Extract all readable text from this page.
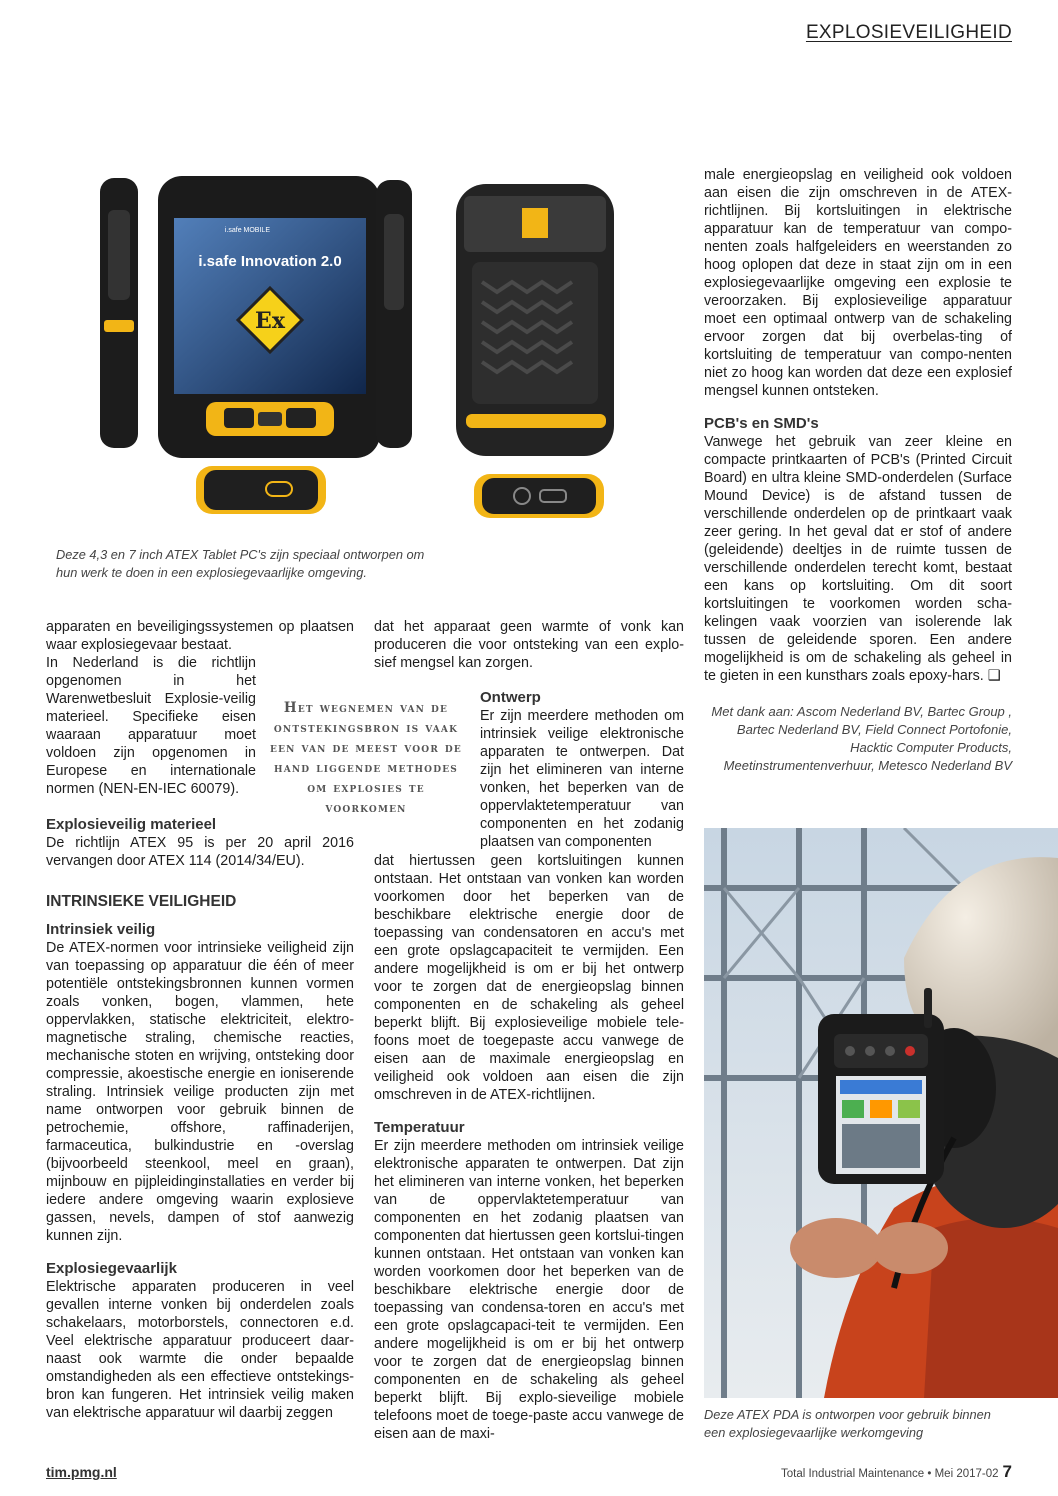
EXPLOSIEVEILIGHEID
i.safe MOBILE
i.safe Innovation 2.0
Ex
Deze 4,3 en 7 inch ATEX Tablet PC's zijn speciaal ontworpen om hun werk te doen in een explosiegevaarlijke omgeving.

apparaten en beveiligingssystemen op plaatsen waar explosiegevaar bestaat.

In Nederland is die richtlijn opgenomen in het Warenwetbesluit Explosie-veilig materieel. Specifieke eisen waaraan apparatuur moet voldoen zijn opgenomen in Europese en internationale normen (NEN-EN-IEC 60079).

Explosieveilig materieel

De richtlijn ATEX 95 is per 20 april 2016 vervangen door ATEX 114 (2014/34/EU).

INTRINSIEKE VEILIGHEID
Intrinsiek veilig

De ATEX-normen voor intrinsieke veiligheid zijn van toepassing op apparatuur die één of meer potentiële ontstekingsbronnen kunnen vormen zoals vonken, bogen, vlammen, hete oppervlakken, statische elektriciteit, elektro-magnetische straling, chemische reacties, mechanische stoten en wrijving, ontsteking door compressie, akoestische energie en ioniserende straling. Intrinsiek veilige producten zijn met name ontworpen voor gebruik binnen de petrochemie, offshore, raffinaderijen, farmaceutica, bulkindustrie en -overslag (bijvoorbeeld steenkool, meel en graan), mijnbouw en pijpleidinginstallaties en verder bij iedere andere omgeving waarin explosieve gassen, nevels, dampen of stof aanwezig kunnen zijn.

Explosiegevaarlijk

Elektrische apparaten produceren in veel gevallen interne vonken bij onderdelen zoals schakelaars, motorborstels, connectoren e.d. Veel elektrische apparatuur produceert daar-naast ook warmte die onder bepaalde omstandigheden als een effectieve ontstekings-bron kan fungeren. Het intrinsiek veilig maken van elektrische apparatuur wil daarbij zeggen

Het wegnemen van de ontstekingsbron is vaak een van de meest voor de hand liggende methodes om explosies te voorkomen

dat het apparaat geen warmte of vonk kan produceren die voor ontsteking van een explo-sief mengsel kan zorgen.

Ontwerp

Er zijn meerdere methoden om intrinsiek veilige elektronische apparaten te ontwerpen. Dat zijn het elimineren van interne vonken, het beperken van de oppervlaktetemperatuur van componenten en het zodanig plaatsen van componenten

dat hiertussen geen kortsluitingen kunnen ontstaan. Het ontstaan van vonken kan worden voorkomen door het beperken van de beschikbare elektrische energie door de toepassing van condensatoren en accu's met een grote opslagcapaciteit te vermijden. Een andere mogelijkheid is om er bij het ontwerp voor te zorgen dat de energieopslag binnen componenten en de schakeling als geheel beperkt blijft. Bij explosieveilige mobiele tele-foons moet de toegepaste accu vanwege de eisen aan de maximale energieopslag en veiligheid ook voldoen aan eisen die zijn omschreven in de ATEX-richtlijnen.

Temperatuur

Er zijn meerdere methoden om intrinsiek veilige elektronische apparaten te ontwerpen. Dat zijn het elimineren van interne vonken, het beperken van de oppervlaktetemperatuur van componenten en het zodanig plaatsen van componenten dat hiertussen geen kortslui-tingen kunnen ontstaan. Het ontstaan van vonken kan worden voorkomen door het beperken van de beschikbare elektrische energie door de toepassing van condensa-toren en accu's met een grote opslagcapaci-teit te vermijden. Een andere mogelijkheid is om er bij het ontwerp voor te zorgen dat de energieopslag binnen componenten en de schakeling als geheel beperkt blijft. Bij explo-sieveilige mobiele telefoons moet de toege-paste accu vanwege de eisen aan de maxi-

male energieopslag en veiligheid ook voldoen aan eisen die zijn omschreven in de ATEX-richtlijnen. Bij kortsluitingen in elektrische apparatuur kan de temperatuur van compo-nenten zoals halfgeleiders en weerstanden zo hoog oplopen dat deze in staat zijn om in een explosiegevaarlijke omgeving een explosie te veroorzaken. Bij explosieveilige apparatuur moet een optimaal ontwerp van de schakeling ervoor zorgen dat bij overbelas-ting of kortsluiting de temperatuur van compo-nenten niet zo hoog kan worden dat deze een explosief mengsel kunnen ontsteken.

PCB's en SMD's

Vanwege het gebruik van zeer kleine en compacte printkaarten of PCB's (Printed Circuit Board) en ultra kleine SMD-onderdelen (Surface Mound Device) is de afstand tussen de verschillende onderdelen op de printkaart vaak zeer gering. In het geval dat er stof of andere (geleidende) deeltjes in de ruimte tussen de verschillende onderdelen terecht komt, bestaat een kans op kortsluiting. Om dit soort kortsluitingen te voorkomen worden scha-kelingen vaak voorzien van isolerende lak tussen de geleidende sporen. Een andere mogelijkheid is om de schakeling als geheel in te gieten in een kunsthars zoals epoxy-hars. ❑

Met dank aan: Ascom Nederland BV, Bartec Group , Bartec Nederland BV, Field Connect Portofonie, Hacktic Computer Products, Meetinstrumentenverhuur, Metesco Nederland BV
Deze ATEX PDA is ontworpen voor gebruik binnen een explosiegevaarlijke werkomgeving
tim.pmg.nl	Total Industrial Maintenance • Mei 2017-02 7
